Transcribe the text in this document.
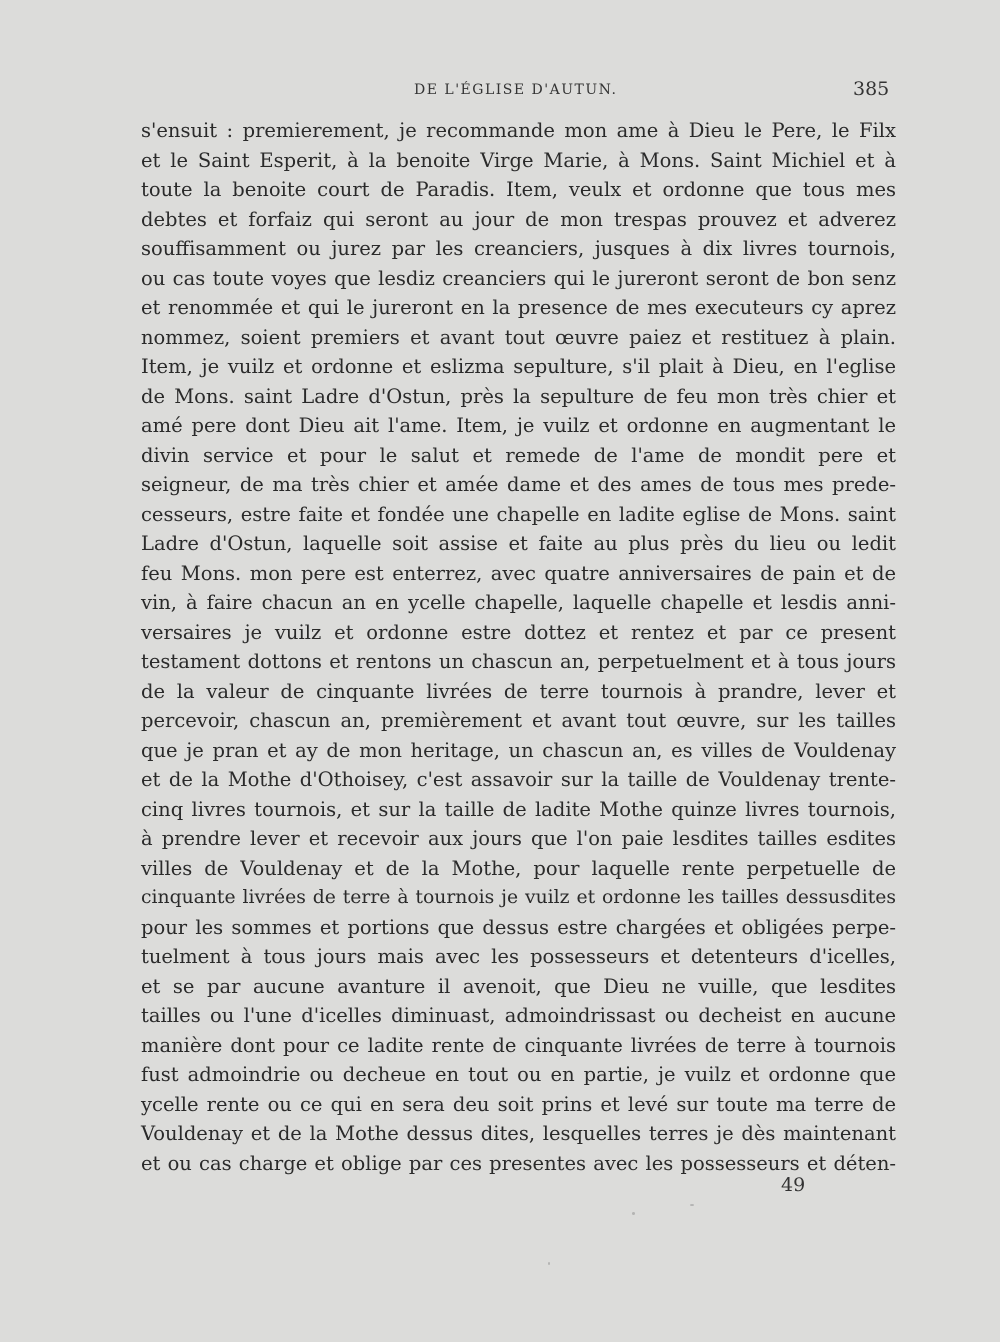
DE L'ÉGLISE D'AUTUN.	385
s'ensuit : premierement, je recommande mon ame à Dieu le Pere, le Filx
et le Saint Esperit, à la benoite Virge Marie, à Mons. Saint Michiel et à
toute la benoite court de Paradis. Item, veulx et ordonne que tous mes
debtes et forfaiz qui seront au jour de mon trespas prouvez et adverez
souffisamment ou jurez par les creanciers, jusques à dix livres tournois,
ou cas toute voyes que lesdiz creanciers qui le jureront seront de bon senz
et renommée et qui le jureront en la presence de mes executeurs cy aprez
nommez, soient premiers et avant tout œuvre paiez et restituez à plain.
Item, je vuilz et ordonne et eslizma sepulture, s'il plait à Dieu, en l'eglise
de Mons. saint Ladre d'Ostun, près la sepulture de feu mon très chier et
amé pere dont Dieu ait l'ame. Item, je vuilz et ordonne en augmentant le
divin service et pour le salut et remede de l'ame de mondit pere et
seigneur, de ma très chier et amée dame et des ames de tous mes prede-
cesseurs, estre faite et fondée une chapelle en ladite eglise de Mons. saint
Ladre d'Ostun, laquelle soit assise et faite au plus près du lieu ou ledit
feu Mons. mon pere est enterrez, avec quatre anniversaires de pain et de
vin, à faire chacun an en ycelle chapelle, laquelle chapelle et lesdis anni-
versaires je vuilz et ordonne estre dottez et rentez et par ce present
testament dottons et rentons un chascun an, perpetuelment et à tous jours
de la valeur de cinquante livrées de terre tournois à prandre, lever et
percevoir, chascun an, premièrement et avant tout œuvre, sur les tailles
que je pran et ay de mon heritage, un chascun an, es villes de Vouldenay
et de la Mothe d'Othoisey, c'est assavoir sur la taille de Vouldenay trente-
cinq livres tournois, et sur la taille de ladite Mothe quinze livres tournois,
à prendre lever et recevoir aux jours que l'on paie lesdites tailles esdites
villes de Vouldenay et de la Mothe, pour laquelle rente perpetuelle de
cinquante livrées de terre à tournois je vuilz et ordonne les tailles dessusdites
pour les sommes et portions que dessus estre chargées et obligées perpe-
tuelment à tous jours mais avec les possesseurs et detenteurs d'icelles,
et se par aucune avanture il avenoit, que Dieu ne vuille, que lesdites
tailles ou l'une d'icelles diminuast, admoindrissast ou decheist en aucune
manière dont pour ce ladite rente de cinquante livrées de terre à tournois
fust admoindrie ou decheue en tout ou en partie, je vuilz et ordonne que
ycelle rente ou ce qui en sera deu soit prins et levé sur toute ma terre de
Vouldenay et de la Mothe dessus dites, lesquelles terres je dès maintenant
et ou cas charge et oblige par ces presentes avec les possesseurs et déten-
49
